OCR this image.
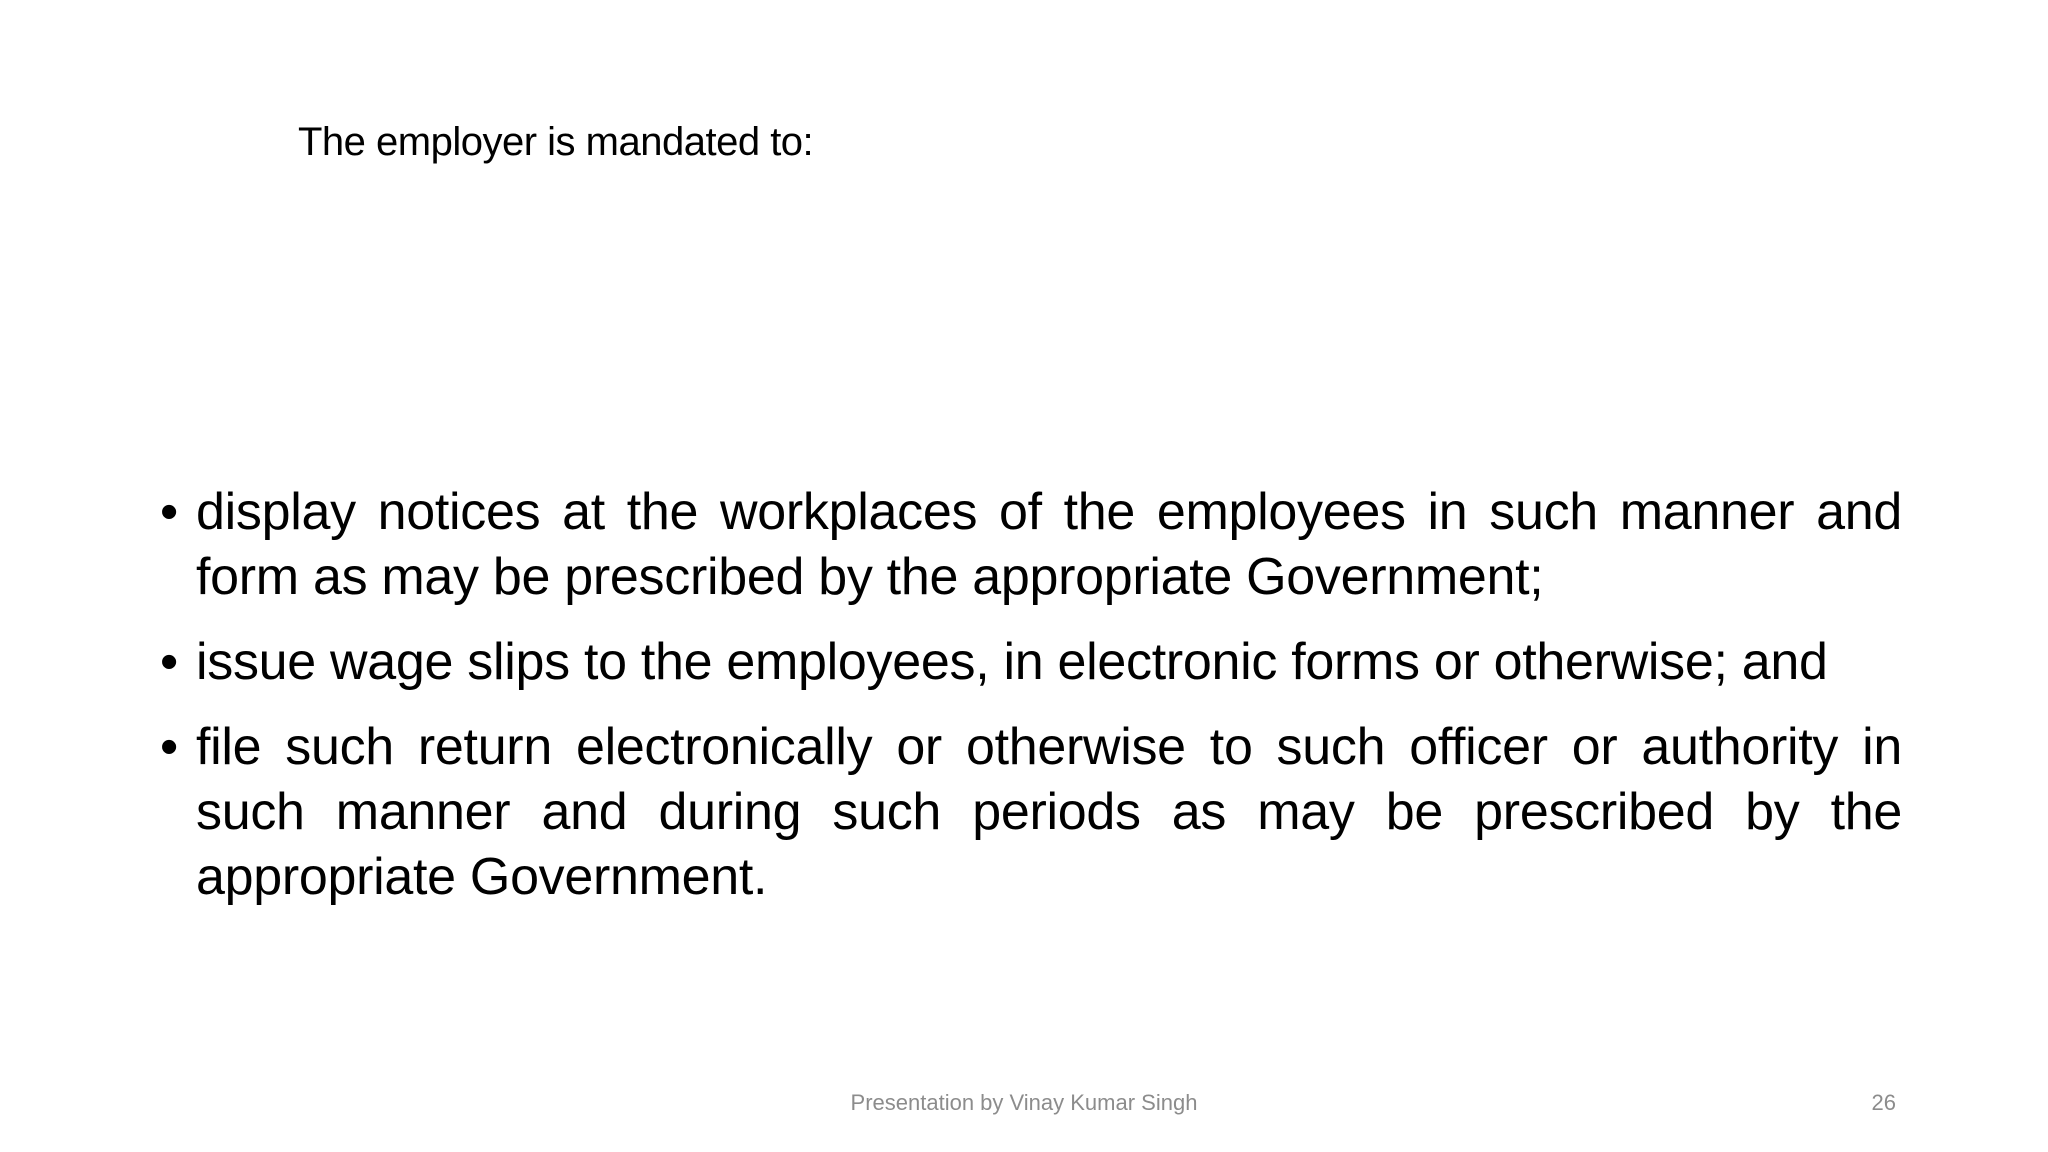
The employer is mandated to:
• display notices at the workplaces of the employees in such manner and form as may be prescribed by the appropriate Government;
• issue wage slips to the employees, in electronic forms or otherwise; and
• file such return electronically or otherwise to such officer or authority in such manner and during such periods as may be prescribed by the appropriate Government.
Presentation by Vinay Kumar Singh	26
